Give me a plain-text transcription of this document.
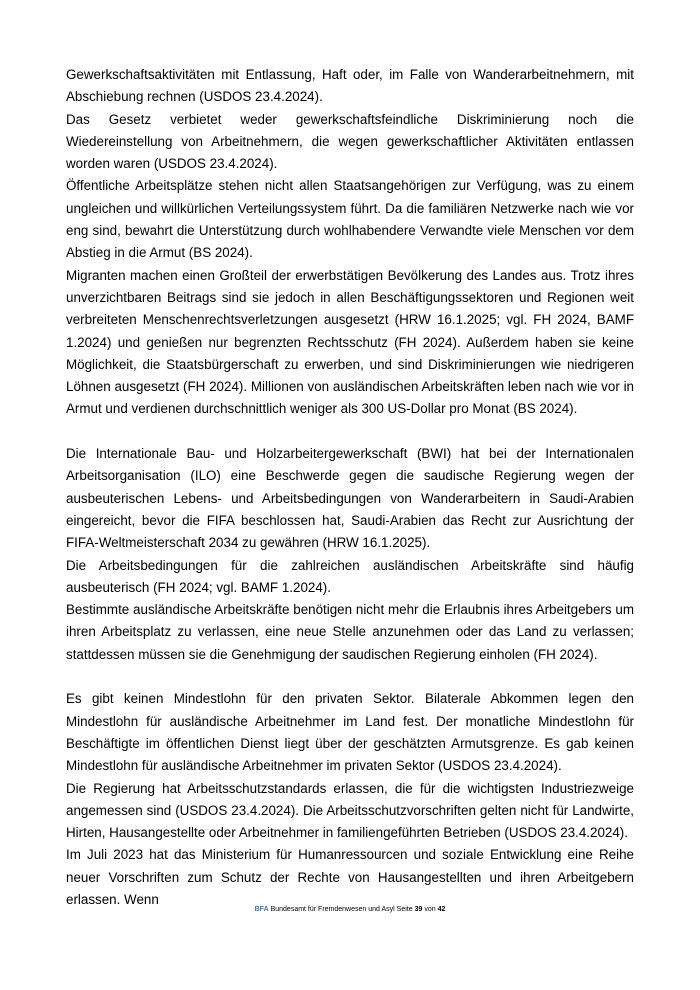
Gewerkschaftsaktivitäten mit Entlassung, Haft oder, im Falle von Wanderarbeitnehmern, mit Abschiebung rechnen (USDOS 23.4.2024).

Das Gesetz verbietet weder gewerkschaftsfeindliche Diskriminierung noch die Wiedereinstellung von Arbeitnehmern, die wegen gewerkschaftlicher Aktivitäten entlassen worden waren (USDOS 23.4.2024).

Öffentliche Arbeitsplätze stehen nicht allen Staatsangehörigen zur Verfügung, was zu einem ungleichen und willkürlichen Verteilungssystem führt. Da die familiären Netzwerke nach wie vor eng sind, bewahrt die Unterstützung durch wohlhabendere Verwandte viele Menschen vor dem Abstieg in die Armut (BS 2024).

Migranten machen einen Großteil der erwerbstätigen Bevölkerung des Landes aus. Trotz ihres unverzichtbaren Beitrags sind sie jedoch in allen Beschäftigungssektoren und Regionen weit verbreiteten Menschenrechtsverletzungen ausgesetzt (HRW 16.1.2025; vgl. FH 2024, BAMF 1.2024) und genießen nur begrenzten Rechtsschutz (FH 2024). Außerdem haben sie keine Möglichkeit, die Staatsbürgerschaft zu erwerben, und sind Diskriminierungen wie niedrigeren Löhnen ausgesetzt (FH 2024). Millionen von ausländischen Arbeitskräften leben nach wie vor in Armut und verdienen durchschnittlich weniger als 300 US-Dollar pro Monat (BS 2024).

Die Internationale Bau- und Holzarbeitergewerkschaft (BWI) hat bei der Internationalen Arbeitsorganisation (ILO) eine Beschwerde gegen die saudische Regierung wegen der ausbeuterischen Lebens- und Arbeitsbedingungen von Wanderarbeitern in Saudi-Arabien eingereicht, bevor die FIFA beschlossen hat, Saudi-Arabien das Recht zur Ausrichtung der FIFA-Weltmeisterschaft 2034 zu gewähren (HRW 16.1.2025).

Die Arbeitsbedingungen für die zahlreichen ausländischen Arbeitskräfte sind häufig ausbeuterisch (FH 2024; vgl. BAMF 1.2024).

Bestimmte ausländische Arbeitskräfte benötigen nicht mehr die Erlaubnis ihres Arbeitgebers um ihren Arbeitsplatz zu verlassen, eine neue Stelle anzunehmen oder das Land zu verlassen; stattdessen müssen sie die Genehmigung der saudischen Regierung einholen (FH 2024).

Es gibt keinen Mindestlohn für den privaten Sektor. Bilaterale Abkommen legen den Mindestlohn für ausländische Arbeitnehmer im Land fest. Der monatliche Mindestlohn für Beschäftigte im öffentlichen Dienst liegt über der geschätzten Armutsgrenze. Es gab keinen Mindestlohn für ausländische Arbeitnehmer im privaten Sektor (USDOS 23.4.2024).

Die Regierung hat Arbeitsschutzstandards erlassen, die für die wichtigsten Industriezweige angemessen sind (USDOS 23.4.2024). Die Arbeitsschutzvorschriften gelten nicht für Landwirte, Hirten, Hausangestellte oder Arbeitnehmer in familiengeführten Betrieben (USDOS 23.4.2024).

Im Juli 2023 hat das Ministerium für Humanressourcen und soziale Entwicklung eine Reihe neuer Vorschriften zum Schutz der Rechte von Hausangestellten und ihren Arbeitgebern erlassen. Wenn

BFA Bundesamt für Fremdenwesen und Asyl Seite 39 von 42
